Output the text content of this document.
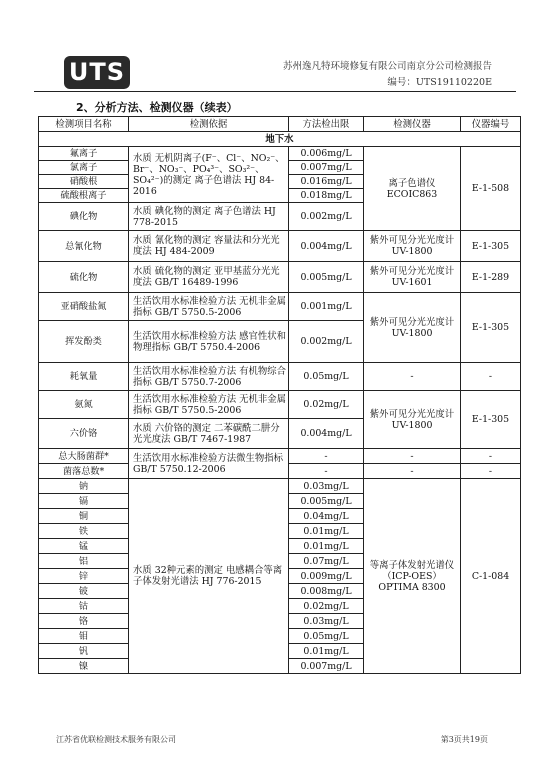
UTS	苏州逸凡特环境修复有限公司南京分公司检测报告
编号：UTS19110220E
2、分析方法、检测仪器（续表）
检测项目名称	检测依据	方法检出限	检测仪器	仪器编号
地下水				
氟离子	水质 无机阴离子(F⁻、Cl⁻、NO₂⁻、Br⁻、NO₃⁻、PO₄³⁻、SO₃²⁻、SO₄²⁻)的测定 离子色谱法 HJ 84-2016	0.006mg/L	离子色谱仪 ECOIC863	E-1-508
氯离子		0.007mg/L		
硝酸根		0.016mg/L		
硫酸根离子		0.018mg/L		
碘化物	水质 碘化物的测定 离子色谱法 HJ 778-2015	0.002mg/L		
总氰化物	水质 氰化物的测定 容量法和分光光度法 HJ 484-2009	0.004mg/L	紫外可见分光光度计 UV-1800	E-1-305
硫化物	水质 硫化物的测定 亚甲基蓝分光光度法 GB/T 16489-1996	0.005mg/L	紫外可见分光光度计 UV-1601	E-1-289
亚硝酸盐氮	生活饮用水标准检验方法 无机非金属指标 GB/T 5750.5-2006	0.001mg/L	紫外可见分光光度计 UV-1800	E-1-305
挥发酚类	生活饮用水标准检验方法 感官性状和物理指标 GB/T 5750.4-2006	0.002mg/L		
耗氧量	生活饮用水标准检验方法 有机物综合指标 GB/T 5750.7-2006	0.05mg/L	-	-
氨氮	生活饮用水标准检验方法 无机非金属指标 GB/T 5750.5-2006	0.02mg/L	紫外可见分光光度计 UV-1800	E-1-305
六价铬	水质 六价铬的测定 二苯碳酰二肼分光光度法 GB/T 7467-1987	0.004mg/L		
总大肠菌群*	生活饮用水标准检验方法微生物指标 GB/T 5750.12-2006	-	-	-
菌落总数*		-	-	-
钠	水质 32种元素的测定 电感耦合等离子体发射光谱法 HJ 776-2015	0.03mg/L	等离子体发射光谱仪（ICP-OES）OPTIMA 8300	C-1-084
镉		0.005mg/L		
铜		0.04mg/L		
铁		0.01mg/L		
锰		0.01mg/L		
铝		0.07mg/L		
锌		0.009mg/L		
铍		0.008mg/L		
钴		0.02mg/L		
铬		0.03mg/L		
钼		0.05mg/L		
钒		0.01mg/L		
镍		0.007mg/L		
江苏省优联检测技术服务有限公司	第3页共19页
